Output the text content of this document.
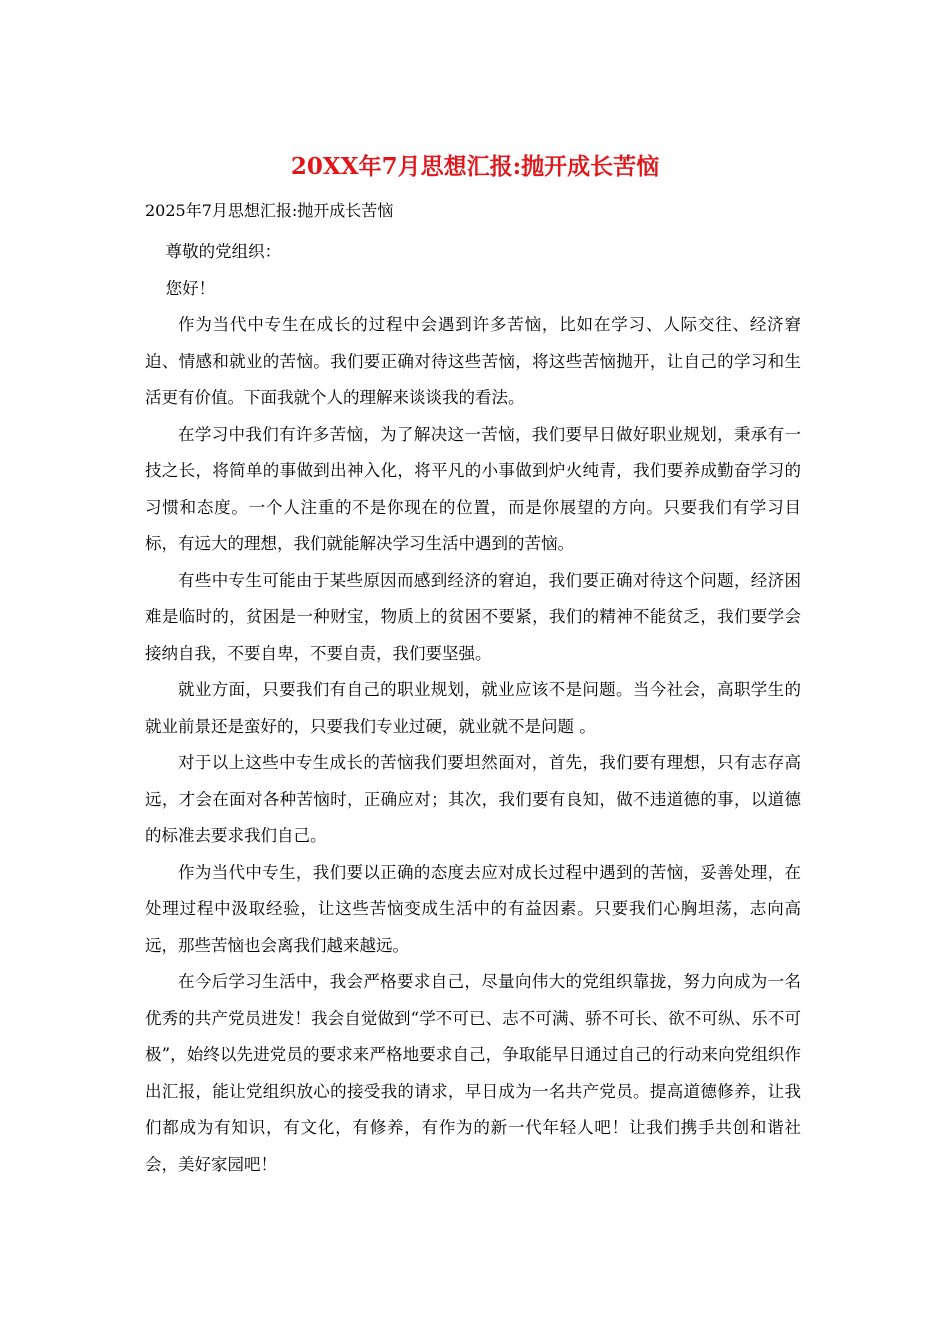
20XX年7月思想汇报:抛开成长苦恼
2025年7月思想汇报:抛开成长苦恼

尊敬的党组织：

您好！

作为当代中专生在成长的过程中会遇到许多苦恼，比如在学习、人际交往、经济窘迫、情感和就业的苦恼。我们要正确对待这些苦恼，将这些苦恼抛开，让自己的学习和生活更有价值。下面我就个人的理解来谈谈我的看法。

在学习中我们有许多苦恼，为了解决这一苦恼，我们要早日做好职业规划，秉承有一技之长，将简单的事做到出神入化，将平凡的小事做到炉火纯青，我们要养成勤奋学习的习惯和态度。一个人注重的不是你现在的位置，而是你展望的方向。只要我们有学习目标，有远大的理想，我们就能解决学习生活中遇到的苦恼。

有些中专生可能由于某些原因而感到经济的窘迫，我们要正确对待这个问题，经济困难是临时的，贫困是一种财宝，物质上的贫困不要紧，我们的精神不能贫乏，我们要学会接纳自我，不要自卑，不要自责，我们要坚强。

就业方面，只要我们有自己的职业规划，就业应该不是问题。当今社会，高职学生的就业前景还是蛮好的，只要我们专业过硬，就业就不是问题 。

对于以上这些中专生成长的苦恼我们要坦然面对，首先，我们要有理想，只有志存高远，才会在面对各种苦恼时，正确应对；其次，我们要有良知，做不违道德的事，以道德的标准去要求我们自己。

作为当代中专生，我们要以正确的态度去应对成长过程中遇到的苦恼，妥善处理，在处理过程中汲取经验，让这些苦恼变成生活中的有益因素。只要我们心胸坦荡，志向高远，那些苦恼也会离我们越来越远。

在今后学习生活中，我会严格要求自己，尽量向伟大的党组织靠拢，努力向成为一名优秀的共产党员进发！我会自觉做到“学不可已、志不可满、骄不可长、欲不可纵、乐不可极”，始终以先进党员的要求来严格地要求自己，争取能早日通过自己的行动来向党组织作出汇报，能让党组织放心的接受我的请求，早日成为一名共产党员。提高道德修养，让我们都成为有知识，有文化，有修养，有作为的新一代年轻人吧！让我们携手共创和谐社会，美好家园吧！
